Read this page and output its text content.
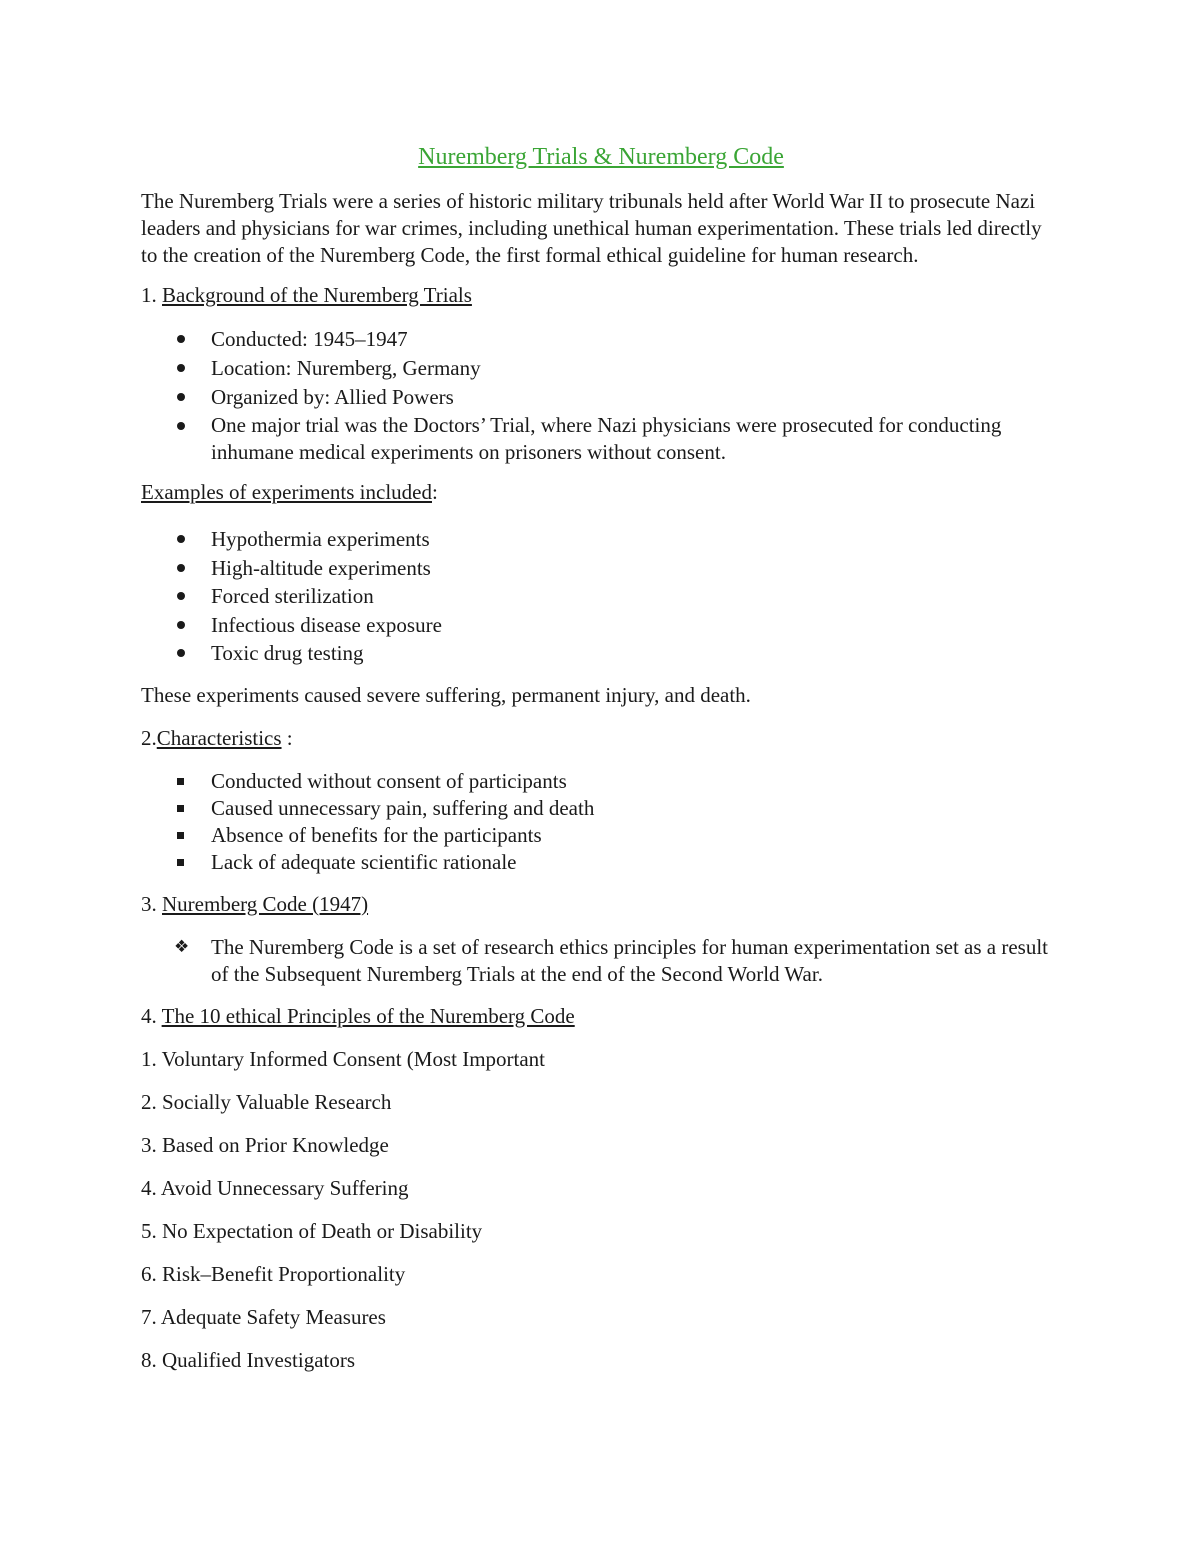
Nuremberg Trials & Nuremberg Code

The Nuremberg Trials were a series of historic military tribunals held after World War II to prosecute Nazi leaders and physicians for war crimes, including unethical human experimentation. These trials led directly to the creation of the Nuremberg Code, the first formal ethical guideline for human research.

1. Background of the Nuremberg Trials

Conducted: 1945–1947
Location: Nuremberg, Germany
Organized by: Allied Powers
One major trial was the Doctors’ Trial, where Nazi physicians were prosecuted for conducting inhumane medical experiments on prisoners without consent.

Examples of experiments included:

Hypothermia experiments
High-altitude experiments
Forced sterilization
Infectious disease exposure
Toxic drug testing

These experiments caused severe suffering, permanent injury, and death.

2.Characteristics :

Conducted without consent of participants
Caused unnecessary pain, suffering and death
Absence of benefits for the participants
Lack of adequate scientific rationale

3. Nuremberg Code (1947)

❖ The Nuremberg Code is a set of research ethics principles for human experimentation set as a result of the Subsequent Nuremberg Trials at the end of the Second World War.

4. The 10 ethical Principles of the Nuremberg Code

1. Voluntary Informed Consent (Most Important

2. Socially Valuable Research

3. Based on Prior Knowledge

4. Avoid Unnecessary Suffering

5. No Expectation of Death or Disability

6. Risk–Benefit Proportionality

7. Adequate Safety Measures

8. Qualified Investigators
